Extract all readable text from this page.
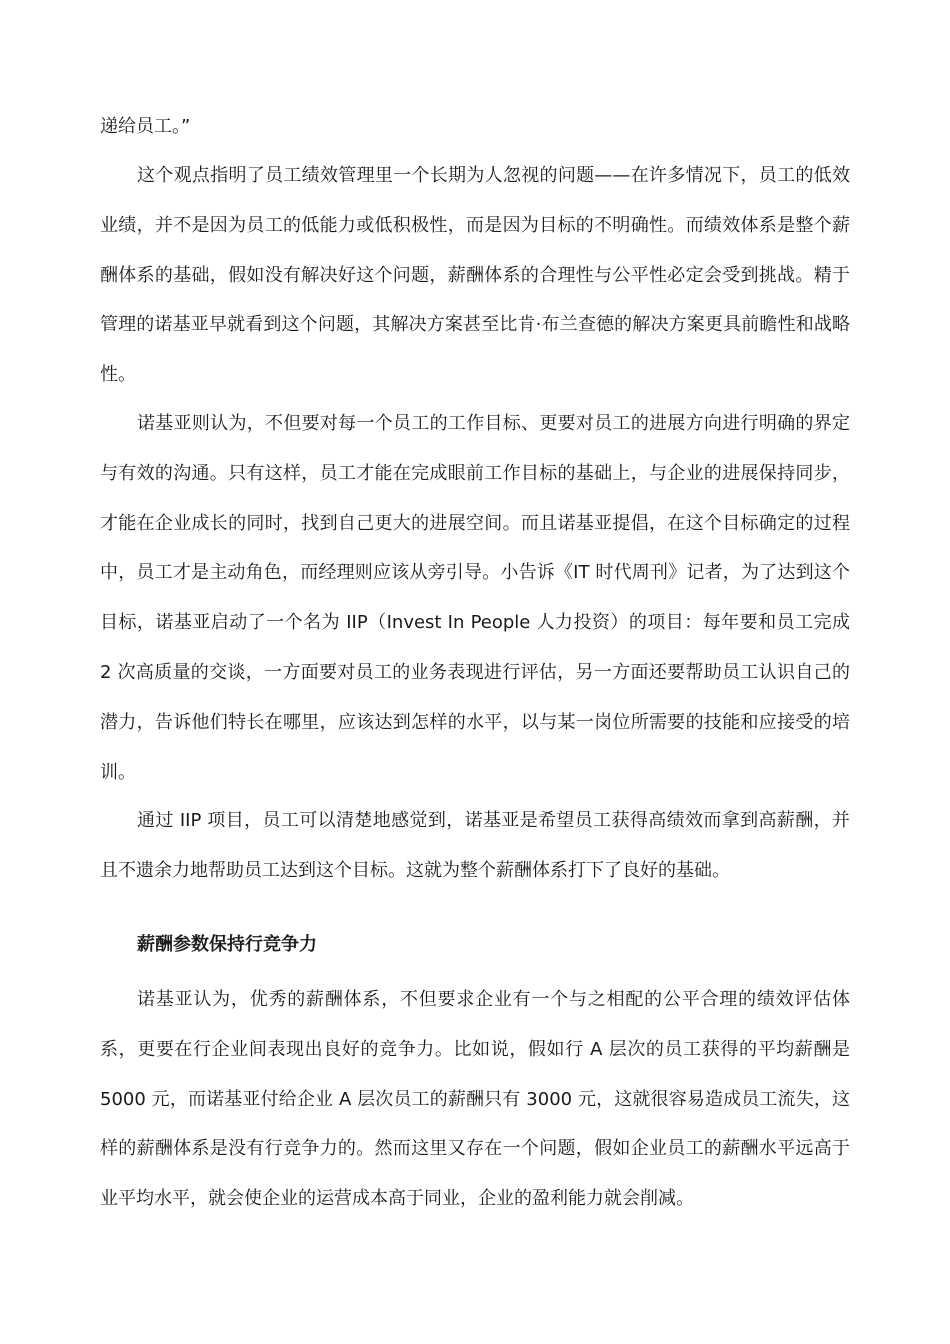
递给员工。”

这个观点指明了员工绩效管理里一个长期为人忽视的问题——在许多情况下，员工的低效业绩，并不是因为员工的低能力或低积极性，而是因为目标的不明确性。而绩效体系是整个薪酬体系的基础，假如没有解决好这个问题，薪酬体系的合理性与公平性必定会受到挑战。精于管理的诺基亚早就看到这个问题，其解决方案甚至比肯·布兰查德的解决方案更具前瞻性和战略性。

诺基亚则认为，不但要对每一个员工的工作目标、更要对员工的进展方向进行明确的界定与有效的沟通。只有这样，员工才能在完成眼前工作目标的基础上，与企业的进展保持同步，才能在企业成长的同时，找到自己更大的进展空间。而且诺基亚提倡，在这个目标确定的过程中，员工才是主动角色，而经理则应该从旁引导。小告诉《IT 时代周刊》记者，为了达到这个目标，诺基亚启动了一个名为 IIP（Invest In People 人力投资）的项目：每年要和员工完成 2 次高质量的交谈，一方面要对员工的业务表现进行评估，另一方面还要帮助员工认识自己的潜力，告诉他们特长在哪里，应该达到怎样的水平，以与某一岗位所需要的技能和应接受的培训。

通过 IIP 项目，员工可以清楚地感觉到，诺基亚是希望员工获得高绩效而拿到高薪酬，并且不遗余力地帮助员工达到这个目标。这就为整个薪酬体系打下了良好的基础。

薪酬参数保持行竞争力

诺基亚认为，优秀的薪酬体系，不但要求企业有一个与之相配的公平合理的绩效评估体系，更要在行企业间表现出良好的竞争力。比如说，假如行 A 层次的员工获得的平均薪酬是 5000 元，而诺基亚付给企业 A 层次员工的薪酬只有 3000 元，这就很容易造成员工流失，这样的薪酬体系是没有行竞争力的。然而这里又存在一个问题，假如企业员工的薪酬水平远高于业平均水平，就会使企业的运营成本高于同业，企业的盈利能力就会削减。
